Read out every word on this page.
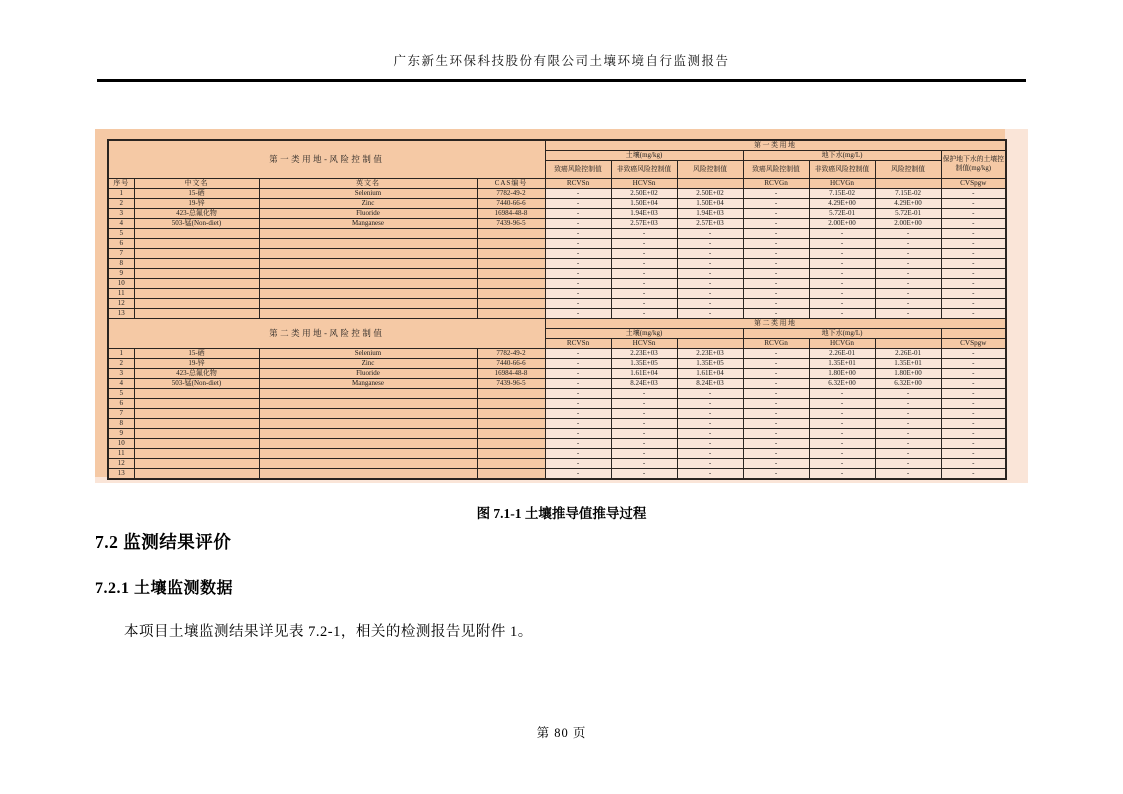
广东新生环保科技股份有限公司土壤环境自行监测报告
第一类用地-风险控制值				第一类用地						
				土壤(mg/kg)			地下水(mg/L)			保护地下水的土壤控制值(mg/kg)
				致癌风险控制值	非致癌风险控制值	风险控制值	致癌风险控制值	非致癌风险控制值	风险控制值	
序号	中文名	英文名	CAS编号	RCVSn	HCVSn		RCVGn	HCVGn		CVSpgw
1	15-硒	Selenium	7782-49-2	-	2.50E+02	2.50E+02	-	7.15E-02	7.15E-02	-
2	19-锌	Zinc	7440-66-6	-	1.50E+04	1.50E+04	-	4.29E+00	4.29E+00	-
3	423-总氟化物	Fluoride	16984-48-8	-	1.94E+03	1.94E+03	-	5.72E-01	5.72E-01	-
4	503-锰(Non-diet)	Manganese	7439-96-5	-	2.57E+03	2.57E+03	-	2.00E+00	2.00E+00	-
5				-	-	-	-	-	-	-
6				-	-	-	-	-	-	-
7				-	-	-	-	-	-	-
8				-	-	-	-	-	-	-
9				-	-	-	-	-	-	-
10				-	-	-	-	-	-	-
11				-	-	-	-	-	-	-
12				-	-	-	-	-	-	-
13				-	-	-	-	-	-	-
第二类用地-风险控制值				第二类用地						
				土壤(mg/kg)			地下水(mg/L)			
				RCVSn	HCVSn		RCVGn	HCVGn		CVSpgw
1	15-硒	Selenium	7782-49-2	-	2.23E+03	2.23E+03	-	2.26E-01	2.26E-01	-
2	19-锌	Zinc	7440-66-6	-	1.35E+05	1.35E+05	-	1.35E+01	1.35E+01	-
3	423-总氟化物	Fluoride	16984-48-8	-	1.61E+04	1.61E+04	-	1.80E+00	1.80E+00	-
4	503-锰(Non-diet)	Manganese	7439-96-5	-	8.24E+03	8.24E+03	-	6.32E+00	6.32E+00	-
5				-	-	-	-	-	-	-
6				-	-	-	-	-	-	-
7				-	-	-	-	-	-	-
8				-	-	-	-	-	-	-
9				-	-	-	-	-	-	-
10				-	-	-	-	-	-	-
11				-	-	-	-	-	-	-
12				-	-	-	-	-	-	-
13				-	-	-	-	-	-	-
图 7.1-1 土壤推导值推导过程
7.2 监测结果评价
7.2.1 土壤监测数据
本项目土壤监测结果详见表 7.2-1，相关的检测报告见附件 1。
第 80 页
